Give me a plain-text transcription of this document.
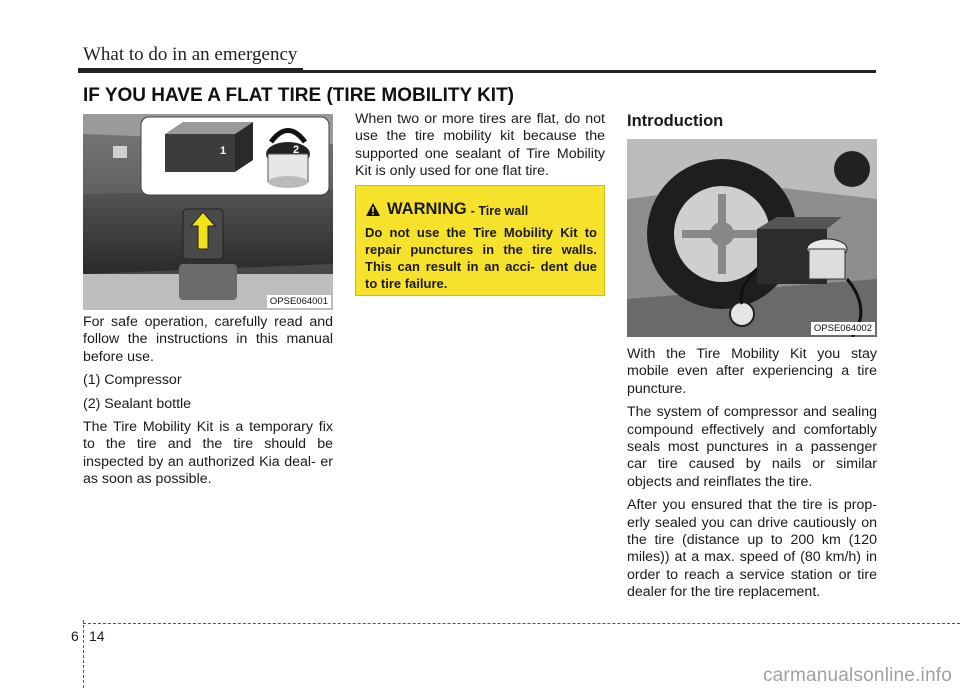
What to do in an emergency
IF YOU HAVE A FLAT TIRE (TIRE MOBILITY KIT)
1	2
OPSE064001

For safe operation, carefully read and follow the instructions in this manual before use.

(1) Compressor

(2) Sealant bottle

The Tire Mobility Kit is a temporary fix to the tire and the tire should be inspected by an authorized Kia deal- er as soon as possible.

When two or more tires are flat, do not use the tire mobility kit because the supported one sealant of Tire Mobility Kit is only used for one flat tire.

WARNING - Tire wall
Do not use the Tire Mobility Kit to repair punctures in the tire walls. This can result in an acci- dent due to tire failure.
Introduction
OPSE064002

With the Tire Mobility Kit you stay mobile even after experiencing a tire puncture.

The system of compressor and sealing compound effectively and comfortably seals most punctures in a passenger car tire caused by nails or similar objects and reinflates the tire.

After you ensured that the tire is prop- erly sealed you can drive cautiously on the tire (distance up to 200 km (120 miles)) at a max. speed of (80 km/h) in order to reach a service station or tire dealer for the tire replacement.

6 14
carmanualsonline.info
